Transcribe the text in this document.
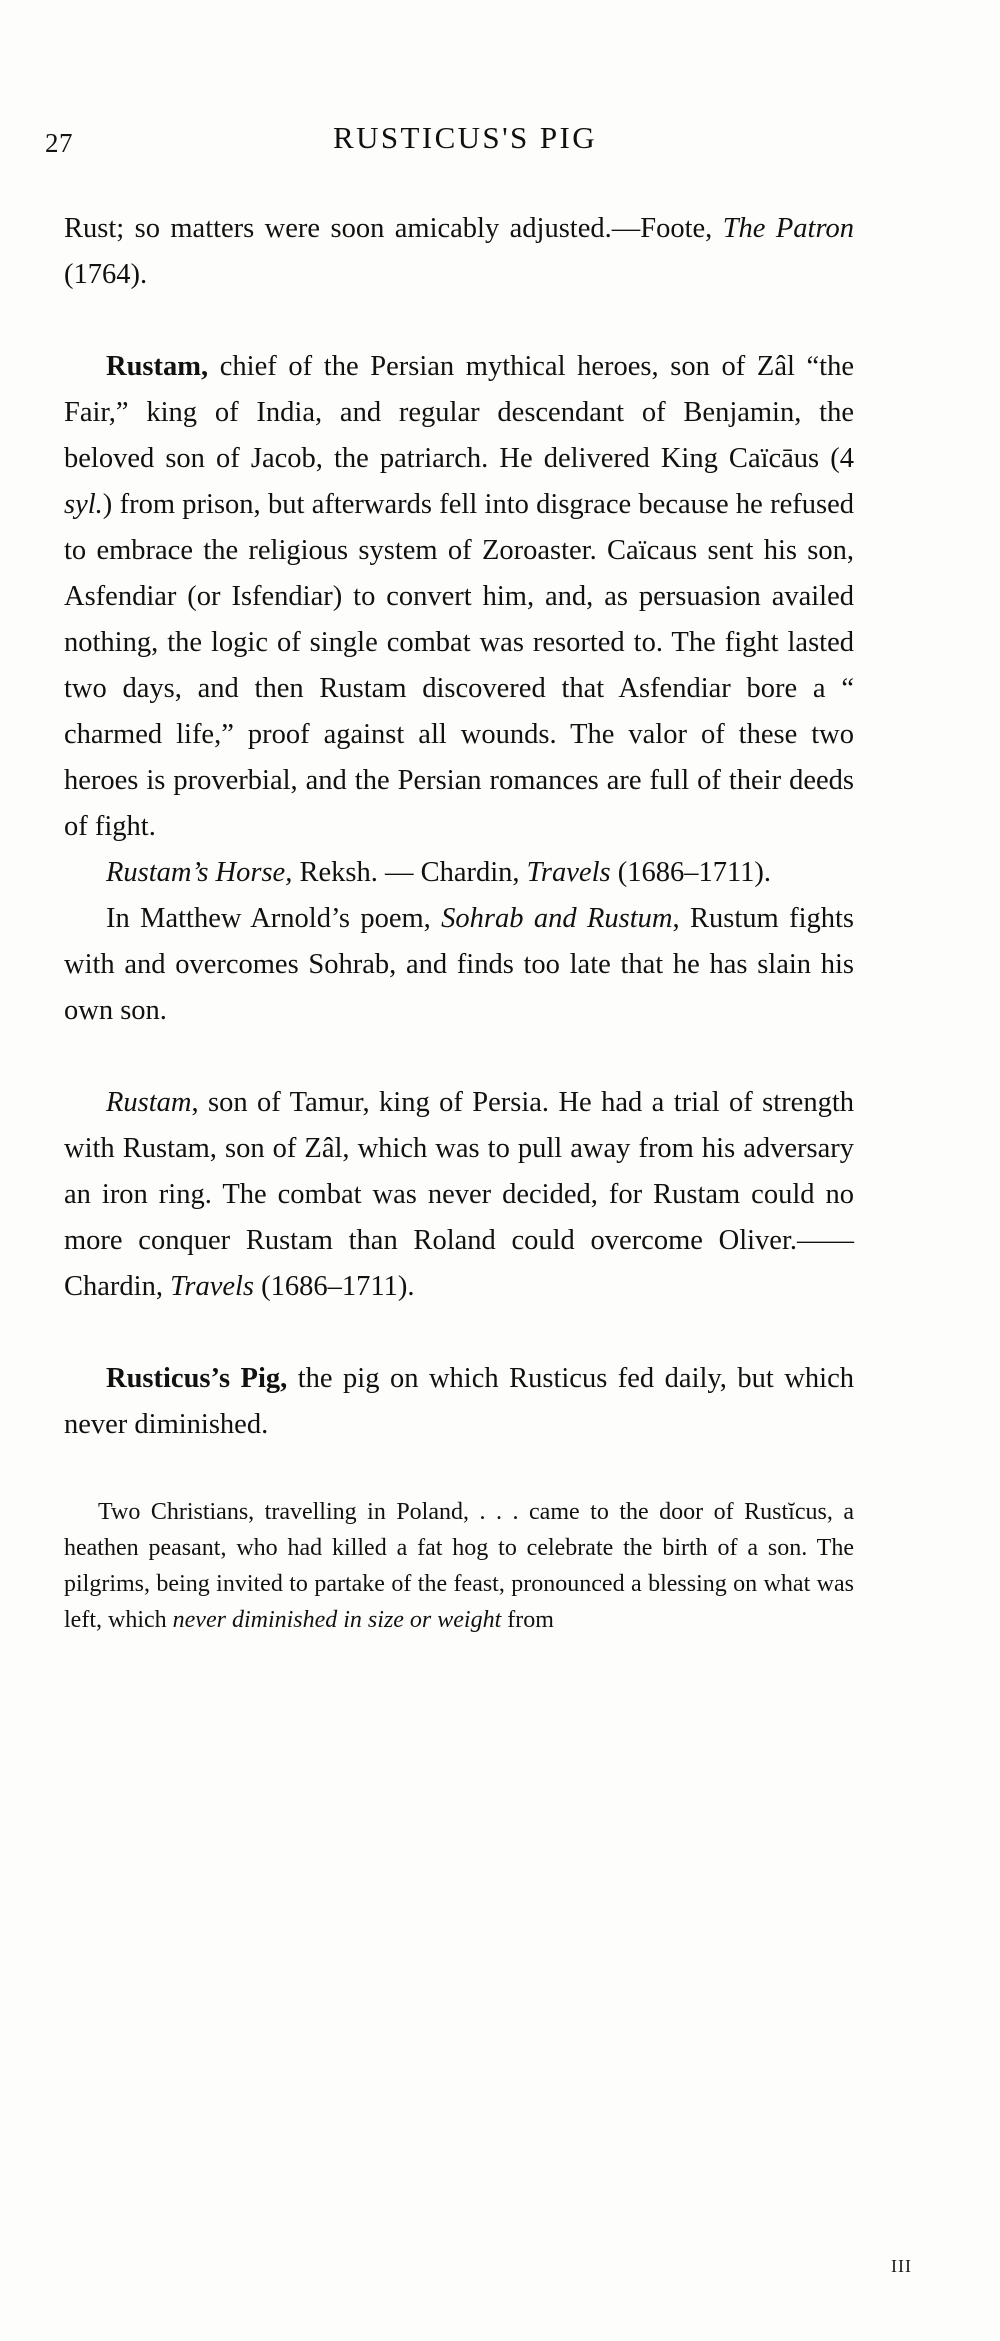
27	RUSTICUS'S PIG

Rust; so matters were soon amicably adjusted.—Foote, The Patron (1764).

Rustam, chief of the Persian mythical heroes, son of Zâl “the Fair,” king of India, and regular descendant of Benjamin, the beloved son of Jacob, the patriarch. He delivered King Caïcāus (4 syl.) from prison, but afterwards fell into disgrace because he refused to embrace the religious system of Zoroaster. Caïcaus sent his son, Asfendiar (or Isfendiar) to convert him, and, as persuasion availed nothing, the logic of single combat was resorted to. The fight lasted two days, and then Rustam discovered that Asfendiar bore a “ charmed life,” proof against all wounds. The valor of these two heroes is proverbial, and the Persian romances are full of their deeds of fight.

Rustam’s Horse, Reksh. — Chardin, Travels (1686–1711).

In Matthew Arnold’s poem, Sohrab and Rustum, Rustum fights with and overcomes Sohrab, and finds too late that he has slain his own son.

Rustam, son of Tamur, king of Persia. He had a trial of strength with Rustam, son of Zâl, which was to pull away from his adversary an iron ring. The combat was never decided, for Rustam could no more conquer Rustam than Roland could overcome Oliver.——Chardin, Travels (1686–1711).

Rusticus’s Pig, the pig on which Rusticus fed daily, but which never diminished.

Two Christians, travelling in Poland, . . . came to the door of Rustĭcus, a heathen peasant, who had killed a fat hog to celebrate the birth of a son. The pilgrims, being invited to partake of the feast, pronounced a blessing on what was left, which never diminished in size or weight from

III
